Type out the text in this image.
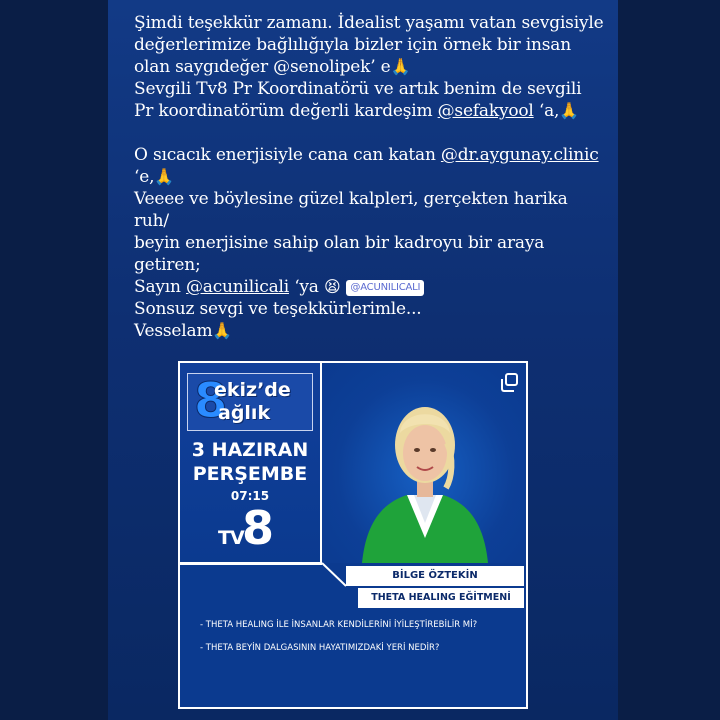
Şimdi teşekkür zamanı. İdealist yaşamı vatan sevgisiyle

değerlerimize bağlılığıyla bizler için örnek bir insan

olan saygıdeğer @senolipek’ e🙏

Sevgili Tv8 Pr Koordinatörü ve artık benim de sevgili

Pr koordinatörüm değerli kardeşim @sefakyool ‘a,🙏

O sıcacık enerjisiyle cana can katan @dr.aygunay.clinic

‘e,🙏

Veeee ve böylesine güzel kalpleri, gerçekten harika ruh/

beyin enerjisine sahip olan bir kadroyu bir araya

getiren;

Sayın @acunilicali ‘ya 😫 @ACUNILICALI

Sonsuz sevgi ve teşekkürlerimle...

Vesselam🙏

8
ekiz’de
ağlık
3 HAZIRAN
PERŞEMBE
07:15
TV
8
BİLGE ÖZTEKİN
THETA HEALING EĞİTMENİ
- THETA HEALING İLE İNSANLAR KENDİLERİNİ İYİLEŞTİREBİLİR Mİ?
- THETA BEYİN DALGASININ HAYATIMIZDAKİ YERİ NEDİR?
